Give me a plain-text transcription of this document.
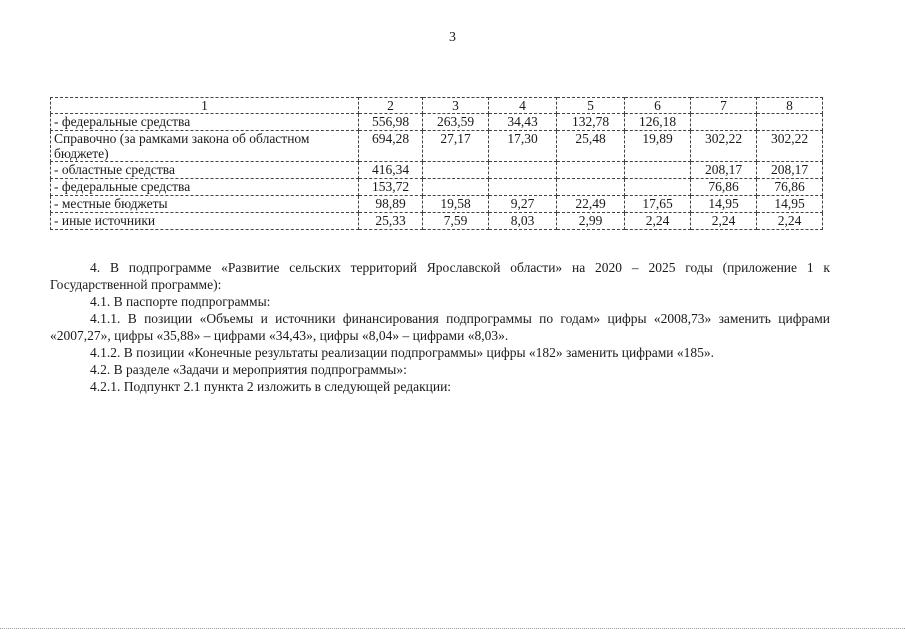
3
1	2	3	4	5	6	7	8
- федеральные средства	556,98	263,59	34,43	132,78	126,18		
Справочно (за рамками закона об областном бюджете)	694,28	27,17	17,30	25,48	19,89	302,22	302,22
- областные средства	416,34					208,17	208,17
- федеральные средства	153,72					76,86	76,86
- местные бюджеты	98,89	19,58	9,27	22,49	17,65	14,95	14,95
- иные источники	25,33	7,59	8,03	2,99	2,24	2,24	2,24

4. В подпрограмме «Развитие сельских территорий Ярославской области» на 2020 – 2025 годы (приложение 1 к Государственной программе):

4.1. В паспорте подпрограммы:

4.1.1. В позиции «Объемы и источники финансирования подпрограммы по годам» цифры «2008,73» заменить цифрами «2007,27», цифры «35,88» – цифрами «34,43», цифры «8,04» – цифрами «8,03».

4.1.2. В позиции «Конечные результаты реализации подпрограммы» цифры «182» заменить цифрами «185».

4.2. В разделе «Задачи и мероприятия подпрограммы»:

4.2.1. Подпункт 2.1 пункта 2 изложить в следующей редакции:
